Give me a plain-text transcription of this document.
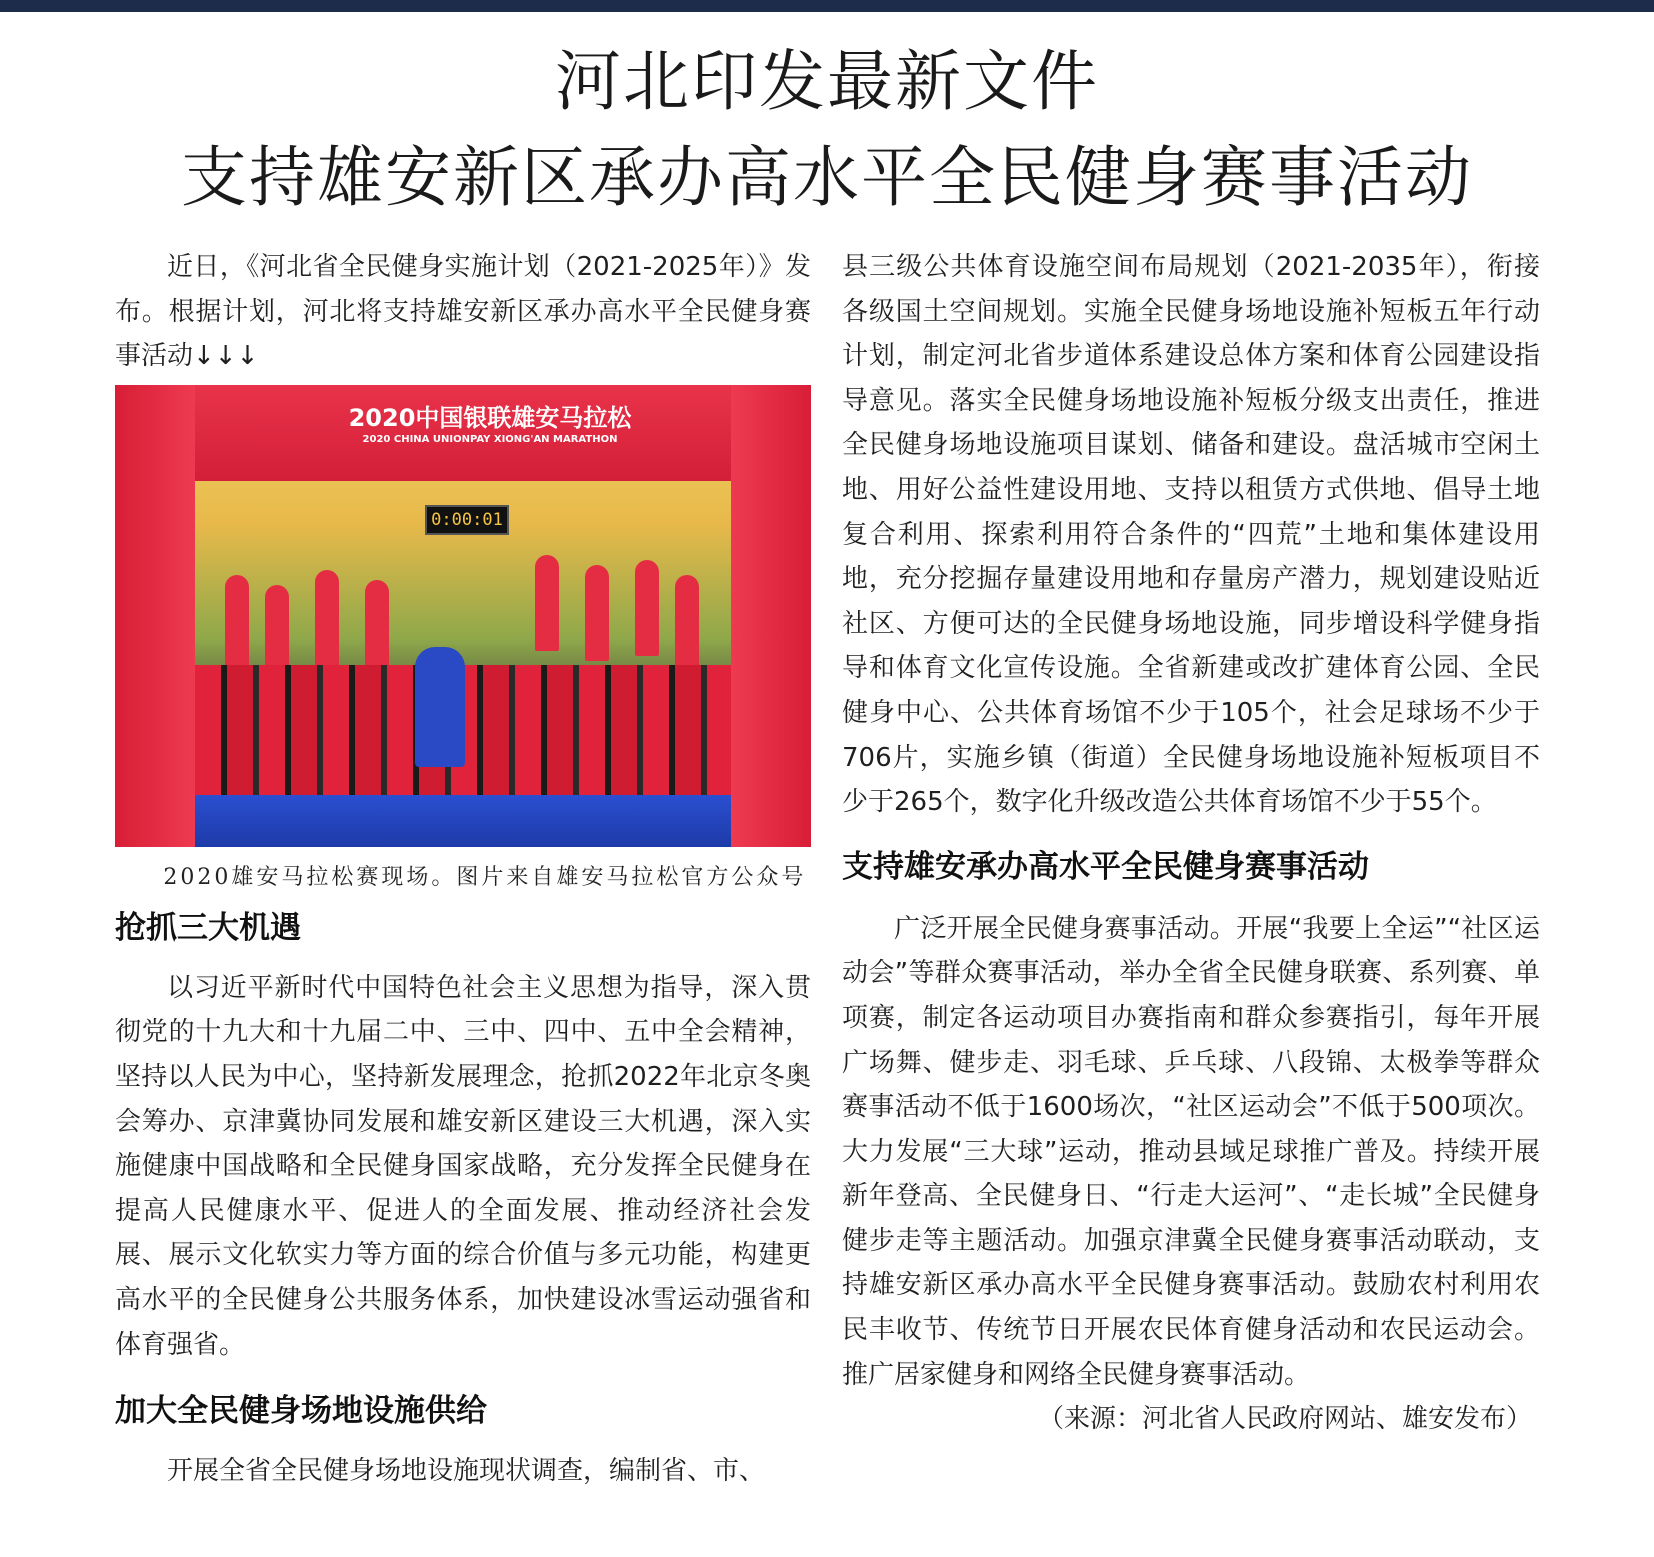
河北印发最新文件
支持雄安新区承办高水平全民健身赛事活动

近日，《河北省全民健身实施计划（2021-2025年）》发布。根据计划，河北将支持雄安新区承办高水平全民健身赛事活动↓↓↓

2020中国银联雄安马拉松
2020 CHINA UNIONPAY XIONG'AN MARATHON
0:00:01

2020雄安马拉松赛现场。图片来自雄安马拉松官方公众号

抢抓三大机遇

以习近平新时代中国特色社会主义思想为指导，深入贯彻党的十九大和十九届二中、三中、四中、五中全会精神，坚持以人民为中心，坚持新发展理念，抢抓2022年北京冬奥会筹办、京津冀协同发展和雄安新区建设三大机遇，深入实施健康中国战略和全民健身国家战略，充分发挥全民健身在提高人民健康水平、促进人的全面发展、推动经济社会发展、展示文化软实力等方面的综合价值与多元功能，构建更高水平的全民健身公共服务体系，加快建设冰雪运动强省和体育强省。

加大全民健身场地设施供给

开展全省全民健身场地设施现状调查，编制省、市、

县三级公共体育设施空间布局规划（2021-2035年），衔接各级国土空间规划。实施全民健身场地设施补短板五年行动计划，制定河北省步道体系建设总体方案和体育公园建设指导意见。落实全民健身场地设施补短板分级支出责任，推进全民健身场地设施项目谋划、储备和建设。盘活城市空闲土地、用好公益性建设用地、支持以租赁方式供地、倡导土地复合利用、探索利用符合条件的“四荒”土地和集体建设用地，充分挖掘存量建设用地和存量房产潜力，规划建设贴近社区、方便可达的全民健身场地设施，同步增设科学健身指导和体育文化宣传设施。全省新建或改扩建体育公园、全民健身中心、公共体育场馆不少于105个，社会足球场不少于706片，实施乡镇（街道）全民健身场地设施补短板项目不少于265个，数字化升级改造公共体育场馆不少于55个。

支持雄安承办高水平全民健身赛事活动

广泛开展全民健身赛事活动。开展“我要上全运”“社区运动会”等群众赛事活动，举办全省全民健身联赛、系列赛、单项赛，制定各运动项目办赛指南和群众参赛指引，每年开展广场舞、健步走、羽毛球、乒乓球、八段锦、太极拳等群众赛事活动不低于1600场次，“社区运动会”不低于500项次。大力发展“三大球”运动，推动县域足球推广普及。持续开展新年登高、全民健身日、“行走大运河”、“走长城”全民健身健步走等主题活动。加强京津冀全民健身赛事活动联动，支持雄安新区承办高水平全民健身赛事活动。鼓励农村利用农民丰收节、传统节日开展农民体育健身活动和农民运动会。推广居家健身和网络全民健身赛事活动。

（来源：河北省人民政府网站、雄安发布）
